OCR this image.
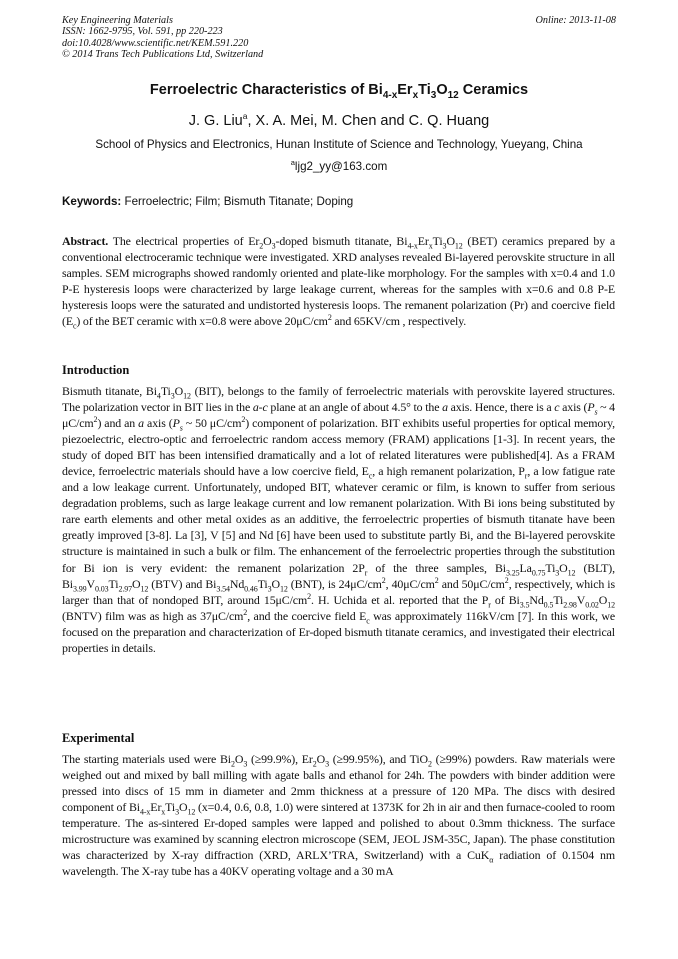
Key Engineering Materials
ISSN: 1662-9795, Vol. 591, pp 220-223
doi:10.4028/www.scientific.net/KEM.591.220
© 2014 Trans Tech Publications Ltd, Switzerland
Online: 2013-11-08
Ferroelectric Characteristics of $Bi_{4-x}Er_xTi_3O_{12}$ Ceramics
J. G. Liu$^a$, X. A. Mei, M. Chen and C. Q. Huang
School of Physics and Electronics, Hunan Institute of Science and Technology, Yueyang, China
$^a$ljg2_yy@163.com
Keywords: Ferroelectric; Film; Bismuth Titanate; Doping
Abstract. The electrical properties of $Er_2O_3$-doped bismuth titanate, $Bi_{4-x}Er_xTi_3O_{12}$ (BET) ceramics prepared by a conventional electroceramic technique were investigated. XRD analyses revealed Bi-layered perovskite structure in all samples. SEM micrographs showed randomly oriented and plate-like morphology. For the samples with x=0.4 and 1.0 P-E hysteresis loops were characterized by large leakage current, whereas for the samples with x=0.6 and 0.8 P-E hysteresis loops were the saturated and undistorted hysteresis loops. The remanent polarization (Pr) and coercive field $(E_c)$ of the BET ceramic with x=0.8 were above $20\mu C/cm^2$ and 65KV/cm , respectively.
Introduction
Bismuth titanate, $Bi_4Ti_3O_{12}$ (BIT), belongs to the family of ferroelectric materials with perovskite layered structures. The polarization vector in BIT lies in the a-c plane at an angle of about 4.5° to the a axis. Hence, there is a c axis ($P_s$ ~ 4 $\mu C/cm^2$) and an a axis ($P_s$ ~ 50 $\mu C/cm^2$) component of polarization. BIT exhibits useful properties for optical memory, piezoelectric, electro-optic and ferroelectric random access memory (FRAM) applications [1-3]. In recent years, the study of doped BIT has been intensified dramatically and a lot of related literatures were published[4]. As a FRAM device, ferroelectric materials should have a low coercive field, $E_c$, a high remanent polarization, $P_r$, a low fatigue rate and a low leakage current. Unfortunately, undoped BIT, whatever ceramic or film, is known to suffer from serious degradation problems, such as large leakage current and low remanent polarization. With Bi ions being substituted by rare earth elements and other metal oxides as an additive, the ferroelectric properties of bismuth titanate have been greatly improved [3-8]. La [3], V [5] and Nd [6] have been used to substitute partly Bi, and the Bi-layered perovskite structure is maintained in such a bulk or film. The enhancement of the ferroelectric properties through the substitution for Bi ion is very evident: the remanent polarization $2P_r$ of the three samples, $Bi_{3.25}La_{0.75}Ti_3O_{12}$ (BLT), $Bi_{3.99}V_{0.03}Ti_{2.97}O_{12}$ (BTV) and $Bi_{3.54}Nd_{0.46}Ti_3O_{12}$ (BNT), is $24\mu C/cm^2$, $40\mu C/cm^2$ and $50\mu C/cm^2$, respectively, which is larger than that of nondoped BIT, around $15\mu C/cm^2$. H. Uchida et al. reported that the $P_r$ of $Bi_{3.5}Nd_{0.5}Ti_{2.98}V_{0.02}O_{12}$ (BNTV) film was as high as $37\mu C/cm^2$, and the coercive field $E_c$ was approximately 116kV/cm [7]. In this work, we focused on the preparation and characterization of Er-doped bismuth titanate ceramics, and investigated their electrical properties in details.
Experimental
The starting materials used were $Bi_2O_3$ (≥99.9%), $Er_2O_3$ (≥99.95%), and TiO$_2$ (≥99%) powders. Raw materials were weighed out and mixed by ball milling with agate balls and ethanol for 24h. The powders with binder addition were pressed into discs of 15 mm in diameter and 2mm thickness at a pressure of 120 MPa. The discs with desired component of $Bi_{4-x}Er_xTi_3O_{12}$ (x=0.4, 0.6, 0.8, 1.0) were sintered at 1373K for 2h in air and then furnace-cooled to room temperature. The as-sintered Er-doped samples were lapped and polished to about 0.3mm thickness. The surface microstructure was examined by scanning electron microscope (SEM, JEOL JSM-35C, Japan). The phase constitution was characterized by X-ray diffraction (XRD, ARLX’TRA, Switzerland) with a CuK$_\alpha$ radiation of 0.1504 nm wavelength. The X-ray tube has a 40KV operating voltage and a 30 mA
